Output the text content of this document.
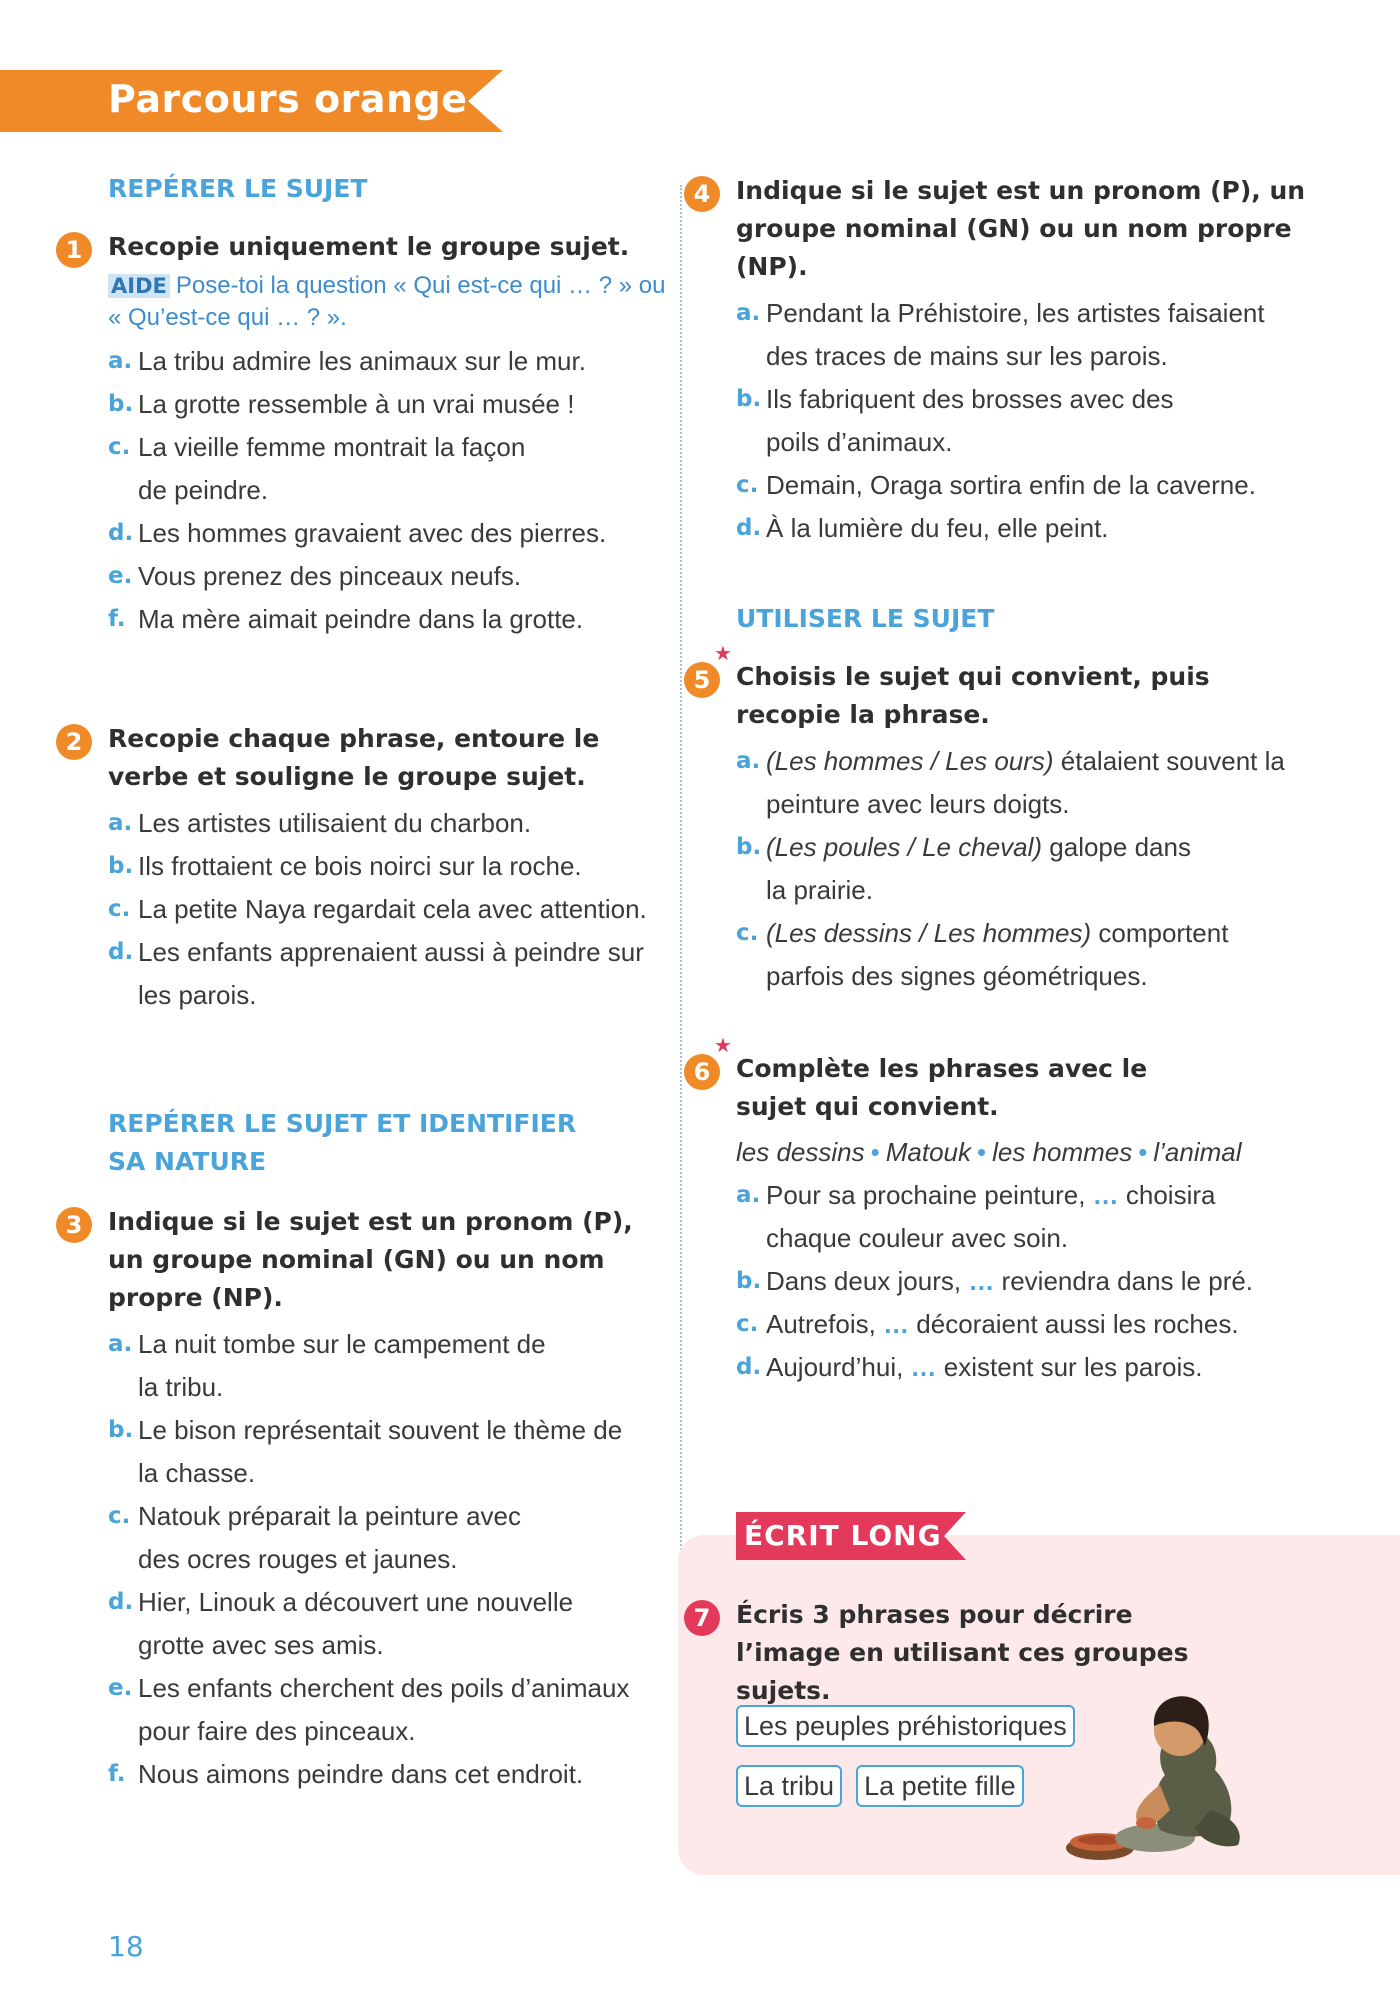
Parcours orange
REPÉRER LE SUJET
1	Recopie uniquement le groupe sujet.
AIDE Pose-toi la question « Qui est-ce qui … ? » ou « Qu’est-ce qui … ? ».
a. La tribu admire les animaux sur le mur.
b. La grotte ressemble à un vrai musée !
c. La vieille femme montrait la façon de peindre.
d. Les hommes gravaient avec des pierres.
e. Vous prenez des pinceaux neufs.
f. Ma mère aimait peindre dans la grotte.
2	Recopie chaque phrase, entoure le verbe et souligne le groupe sujet.
a. Les artistes utilisaient du charbon.
b. Ils frottaient ce bois noirci sur la roche.
c. La petite Naya regardait cela avec attention.
d. Les enfants apprenaient aussi à peindre sur les parois.
REPÉRER LE SUJET ET IDENTIFIER SA NATURE
3	Indique si le sujet est un pronom (P), un groupe nominal (GN) ou un nom propre (NP).
a. La nuit tombe sur le campement de la tribu.
b. Le bison représentait souvent le thème de la chasse.
c. Natouk préparait la peinture avec des ocres rouges et jaunes.
d. Hier, Linouk a découvert une nouvelle grotte avec ses amis.
e. Les enfants cherchent des poils d’animaux pour faire des pinceaux.
f. Nous aimons peindre dans cet endroit.
4	Indique si le sujet est un pronom (P), un groupe nominal (GN) ou un nom propre (NP).
a. Pendant la Préhistoire, les artistes faisaient des traces de mains sur les parois.
b. Ils fabriquent des brosses avec des poils d’animaux.
c. Demain, Oraga sortira enfin de la caverne.
d. À la lumière du feu, elle peint.
UTILISER LE SUJET
5
★
Choisis le sujet qui convient, puis recopie la phrase.
a. (Les hommes / Les ours) étalaient souvent la peinture avec leurs doigts.
b. (Les poules / Le cheval) galope dans la prairie.
c. (Les dessins / Les hommes) comportent parfois des signes géométriques.
6
★
Complète les phrases avec le sujet qui convient.
les dessins • Matouk • les hommes • l’animal
a. Pour sa prochaine peinture, … choisira chaque couleur avec soin.
b. Dans deux jours, … reviendra dans le pré.
c. Autrefois, … décoraient aussi les roches.
d. Aujourd’hui, … existent sur les parois.
ÉCRIT LONG
7	Écris 3 phrases pour décrire l’image en utilisant ces groupes sujets.
Les peuples préhistoriques
La tribu La petite fille
18
